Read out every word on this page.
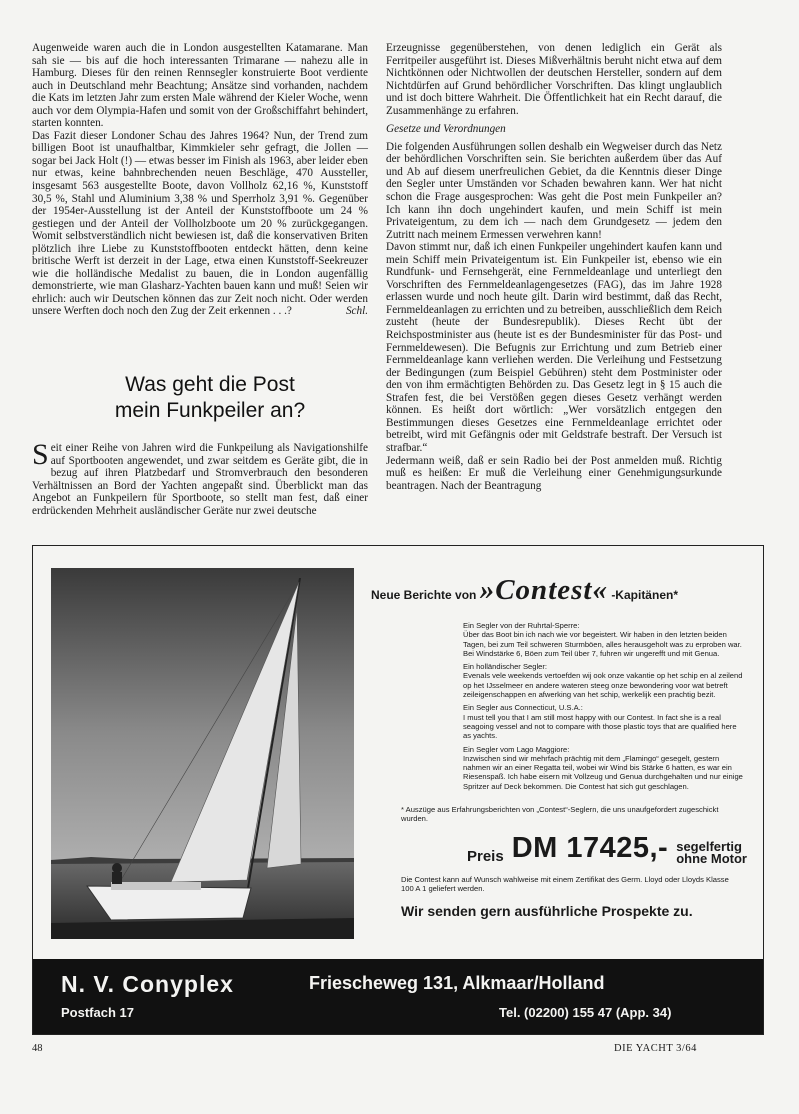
Augenweide waren auch die in London ausgestellten Katamarane. Man sah sie — bis auf die hoch interessanten Trimarane — nahezu alle in Hamburg. Dieses für den reinen Rennsegler konstruierte Boot verdiente auch in Deutschland mehr Beachtung; Ansätze sind vorhanden, nachdem die Kats im letzten Jahr zum ersten Male während der Kieler Woche, wenn auch vor dem Olympia-Hafen und somit von der Großschiffahrt behindert, starten konnten.

Das Fazit dieser Londoner Schau des Jahres 1964? Nun, der Trend zum billigen Boot ist unaufhaltbar, Kimmkieler sehr gefragt, die Jollen — sogar bei Jack Holt (!) — etwas besser im Finish als 1963, aber leider eben nur etwas, keine bahnbrechenden neuen Beschläge, 470 Aussteller, insgesamt 563 ausgestellte Boote, davon Vollholz 62,16 %, Kunststoff 30,5 %, Stahl und Aluminium 3,38 % und Sperrholz 3,91 %. Gegenüber der 1954er-Ausstellung ist der Anteil der Kunststoffboote um 24 % gestiegen und der Anteil der Vollholzboote um 20 % zurückgegangen. Womit selbstverständlich nicht bewiesen ist, daß die konservativen Briten plötzlich ihre Liebe zu Kunststoffbooten entdeckt hätten, denn keine britische Werft ist derzeit in der Lage, etwa einen Kunststoff-Seekreuzer wie die holländische Medalist zu bauen, die in London augenfällig demonstrierte, wie man Glasharz-Yachten bauen kann und muß! Seien wir ehrlich: auch wir Deutschen können das zur Zeit noch nicht. Oder werden unsere Werften doch noch den Zug der Zeit erkennen . . .?	Schl.

Was geht die Post
mein Funkpeiler an?
Seit einer Reihe von Jahren wird die Funkpeilung als Navigationshilfe auf Sportbooten angewendet, und zwar seitdem es Geräte gibt, die in bezug auf ihren Platzbedarf und Stromverbrauch den besonderen Verhältnissen an Bord der Yachten angepaßt sind. Überblickt man das Angebot an Funkpeilern für Sportboote, so stellt man fest, daß einer erdrückenden Mehrheit ausländischer Geräte nur zwei deutsche

Erzeugnisse gegenüberstehen, von denen lediglich ein Gerät als Ferritpeiler ausgeführt ist. Dieses Mißverhältnis beruht nicht etwa auf dem Nichtkönnen oder Nichtwollen der deutschen Hersteller, sondern auf dem Nichtdürfen auf Grund behördlicher Vorschriften. Das klingt unglaublich und ist doch bittere Wahrheit. Die Öffentlichkeit hat ein Recht darauf, die Zusammenhänge zu erfahren.

Gesetze und Verordnungen

Die folgenden Ausführungen sollen deshalb ein Wegweiser durch das Netz der behördlichen Vorschriften sein. Sie berichten außerdem über das Auf und Ab auf diesem unerfreulichen Gebiet, da die Kenntnis dieser Dinge den Segler unter Umständen vor Schaden bewahren kann. Wer hat nicht schon die Frage ausgesprochen: Was geht die Post mein Funkpeiler an? Ich kann ihn doch ungehindert kaufen, und mein Schiff ist mein Privateigentum, zu dem ich — nach dem Grundgesetz — jedem den Zutritt nach meinem Ermessen verwehren kann!

Davon stimmt nur, daß ich einen Funkpeiler ungehindert kaufen kann und mein Schiff mein Privateigentum ist. Ein Funkpeiler ist, ebenso wie ein Rundfunk- und Fernsehgerät, eine Fernmeldeanlage und unterliegt den Vorschriften des Fernmeldeanlagengesetzes (FAG), das im Jahre 1928 erlassen wurde und noch heute gilt. Darin wird bestimmt, daß das Recht, Fernmeldeanlagen zu errichten und zu betreiben, ausschließlich dem Reich zusteht (heute der Bundesrepublik). Dieses Recht übt der Reichspostminister aus (heute ist es der Bundesminister für das Post- und Fernmeldewesen). Die Befugnis zur Errichtung und zum Betrieb einer Fernmeldeanlage kann verliehen werden. Die Verleihung und Festsetzung der Bedingungen (zum Beispiel Gebühren) steht dem Postminister oder den von ihm ermächtigten Behörden zu. Das Gesetz legt in § 15 auch die Strafen fest, die bei Verstößen gegen dieses Gesetz verhängt werden können. Es heißt dort wörtlich: „Wer vorsätzlich entgegen den Bestimmungen dieses Gesetzes eine Fernmeldeanlage errichtet oder betreibt, wird mit Gefängnis oder mit Geldstrafe bestraft. Der Versuch ist strafbar.“

Jedermann weiß, daß er sein Radio bei der Post anmelden muß. Richtig muß es heißen: Er muß die Verleihung einer Genehmigungsurkunde beantragen. Nach der Beantragung

Neue Berichte von »Contest« -Kapitänen*
Ein Segler von der Ruhrtal-Sperre:
Über das Boot bin ich nach wie vor begeistert. Wir haben in den letzten beiden Tagen, bei zum Teil schweren Sturmböen, alles herausgeholt was zu erproben war. Bei Windstärke 6, Böen zum Teil über 7, fuhren wir ungerefft und mit Genua.
Ein holländischer Segler:
Evenals vele weekends vertoefden wij ook onze vakantie op het schip en al zeilend op het IJsselmeer en andere wateren steeg onze bewondering voor wat betreft zeileigenschappen en afwerking van het schip, werkelijk een prachtig bezit.
Ein Segler aus Connecticut, U.S.A.:
I must tell you that I am still most happy with our Contest. In fact she is a real seagoing vessel and not to compare with those plastic toys that are qualified here as yachts.
Ein Segler vom Lago Maggiore:
Inzwischen sind wir mehrfach prächtig mit dem „Flamingo“ gesegelt, gestern nahmen wir an einer Regatta teil, wobei wir Wind bis Stärke 6 hatten, es war ein Riesenspaß. Ich habe eisern mit Vollzeug und Genua durchgehalten und nur einige Spritzer auf Deck bekommen. Die Contest hat sich gut geschlagen.
* Auszüge aus Erfahrungsberichten von „Contest“-Seglern, die uns unaufgefordert zugeschickt wurden.
Preis DM 17425,- segelfertig
ohne Motor
Die Contest kann auf Wunsch wahlweise mit einem Zertifikat des Germ. Lloyd oder Lloyds Klasse 100 A 1 geliefert werden.
Wir senden gern ausführliche Prospekte zu.
N. V. Conyplex	Friescheweg 131, Alkmaar/Holland
Postfach 17	Tel. (02200) 155 47 (App. 34)
48	DIE YACHT 3/64
